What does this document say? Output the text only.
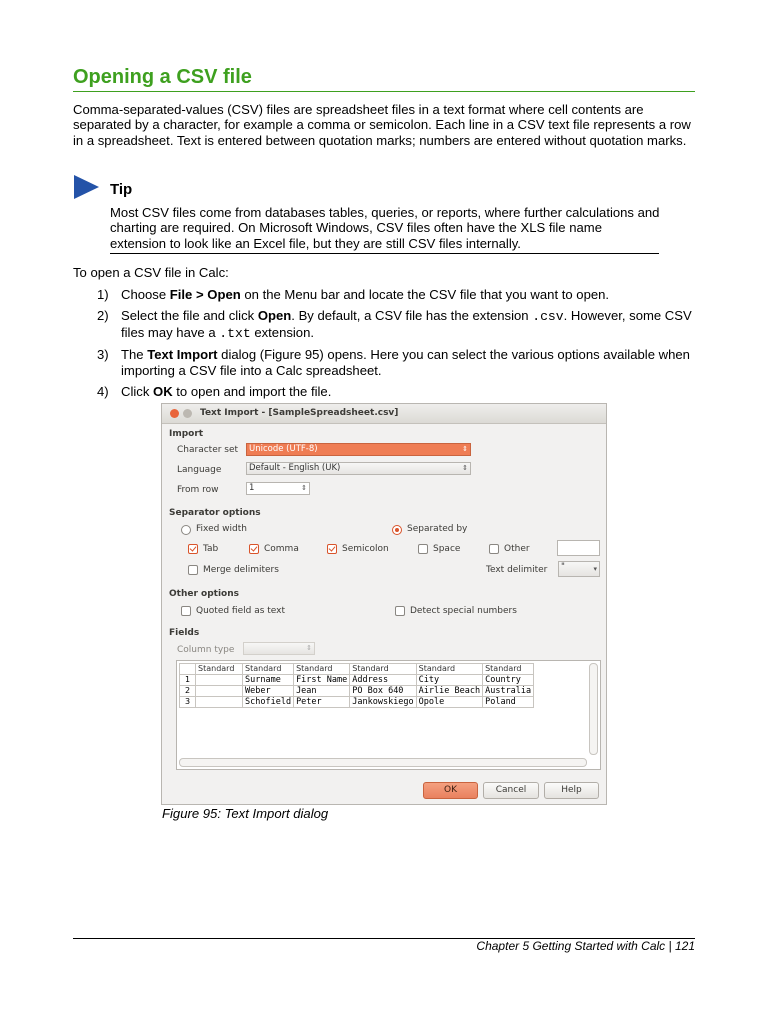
Opening a CSV file
Comma-separated-values (CSV) files are spreadsheet files in a text format where cell contents are separated by a character, for example a comma or semicolon. Each line in a CSV text file represents a row in a spreadsheet. Text is entered between quotation marks; numbers are entered without quotation marks.
Tip
Most CSV files come from databases tables, queries, or reports, where further calculations and charting are required. On Microsoft Windows, CSV files often have the XLS file name extension to look like an Excel file, but they are still CSV files internally.
To open a CSV file in Calc:
1) Choose File > Open on the Menu bar and locate the CSV file that you want to open.
2) Select the file and click Open. By default, a CSV file has the extension .csv. However, some CSV files may have a .txt extension.
3) The Text Import dialog (Figure 95) opens. Here you can select the various options available when importing a CSV file into a Calc spreadsheet.
4) Click OK to open and import the file.
Text Import - [SampleSpreadsheet.csv]
Import
Character set	Unicode (UTF-8)	⇕
Language	Default - English (UK)	⇕
From row	1	⇕
Separator options
Fixed width	Separated by
Tab	Comma	Semicolon	Space	Other
Merge delimiters	Text delimiter	"	▾
Other options
Quoted field as text	Detect special numbers
Fields
Column type	⇕
	Standard	Standard	Standard	Standard	Standard	Standard
1		Surname	First Name	Address	City	Country
2		Weber	Jean	PO Box 640	Airlie Beach	Australia
3		Schofield	Peter	Jankowskiego	Opole	Poland
OK	Cancel	Help
Figure 95: Text Import dialog
Chapter 5 Getting Started with Calc | 121
